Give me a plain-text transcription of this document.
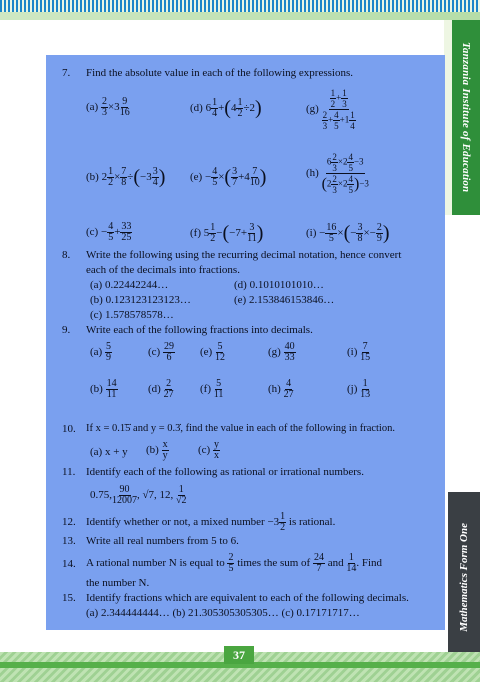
Tanzania Institute of Education
7. Find the absolute value in each of the following expressions.
$(a) \frac{2}{3} \times 3 \frac{9}{16}$	(d) $6 \frac{1}{4} +(4 \frac{1}{2} \div 2)$	$(g) \frac{\frac{1}{2} + \frac{1}{3}}{\frac{2}{3} + \frac{4}{5} +1 \frac{1}{4}}$
(b) $2 \frac{1}{2} \times \frac{7}{8} \div(-3 \frac{3}{4}$ ) $(e) - \frac{4}{5}$ ×( $\frac{3}{7} +4 \frac{7}{10}$ )	$(h) \frac{6 \frac{2}{3} \times 2 \frac{4}{5} -3}{(2 \frac{2}{3} \times 2 \frac{4}{5} )-3}$
$(c) - \frac{4}{5} + \frac{33}{25}$	(f) $5 \frac{1}{2} -(-7+ \frac{3}{11}$ )	$(i) - \frac{16}{5}$ ×(− $\frac{3}{8} \times- \frac{2}{9}$ )
8. Write the following using the recurring decimal notation, hence convert
each of the decimals into fractions.
(a) 0.22442244…	(d) 0.1010101010…
(b) 0.123123123123…	(e) 2.153846153846…
(c) 1.578578578…
9. Write each of the following fractions into decimals.
$(a) \frac{5}{9}$	$(c) \frac{29}{6} (e) \frac{5}{12}$	$(g) \frac{40}{33}$	$(i) \frac{7}{15}$
$(b) \frac{14}{11}$	$(d) \frac{2}{27} (f) \frac{5}{11}$	$(h) \frac{4}{27}$	$(j) \frac{1}{13}$
10. If x = 0.1̇5̇ and y = 0.3̇, find the value in each of the following in fraction.
(a) x + y $(b) \frac{x}{y}$	$(c) \frac{y}{x}$
11. Identify each of the following as rational or irrational numbers.
0.75, $\frac{90}{12007}$ , √7, 12, $\frac{1}{√2}$
12. Identify whether or not, a mixed number $-3 \frac{1}{2}$ is rational.
13. Write all real numbers from 5 to 6.
14. A rational number N is equal to $\frac{2}{5}$ times the sum of $\frac{24}{7}$ and $\frac{1}{14}$ . Find
the number N.
15. Identify fractions which are equivalent to each of the following decimals.
(a) 2.344444444… (b) 21.305305305305… (c) 0.17171717…	Mathematics Form One
37
